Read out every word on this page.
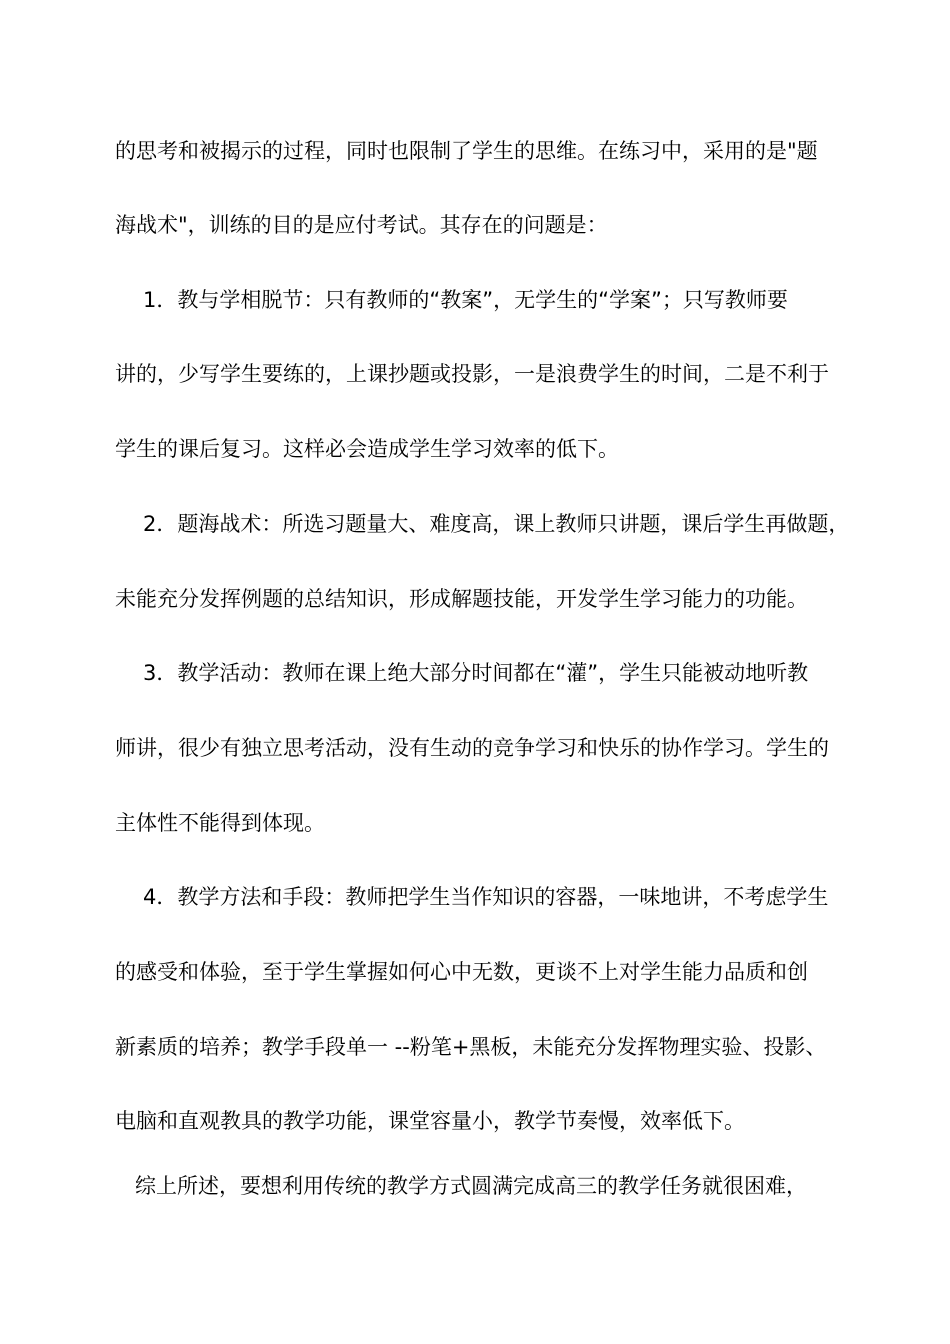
的思考和被揭示的过程，同时也限制了学生的思维。在练习中，采用的是"题
海战术"，训练的目的是应付考试。其存在的问题是：
1．教与学相脱节：只有教师的“教案”，无学生的“学案”；只写教师要
讲的，少写学生要练的，上课抄题或投影，一是浪费学生的时间，二是不利于
学生的课后复习。这样必会造成学生学习效率的低下。
2．题海战术：所选习题量大、难度高，课上教师只讲题，课后学生再做题，
未能充分发挥例题的总结知识，形成解题技能，开发学生学习能力的功能。
3．教学活动：教师在课上绝大部分时间都在“灌”，学生只能被动地听教
师讲，很少有独立思考活动，没有生动的竞争学习和快乐的协作学习。学生的
主体性不能得到体现。
4．教学方法和手段：教师把学生当作知识的容器，一味地讲，不考虑学生
的感受和体验，至于学生掌握如何心中无数，更谈不上对学生能力品质和创
新素质的培养；教学手段单一 --粉笔+黑板，未能充分发挥物理实验、投影、
电脑和直观教具的教学功能，课堂容量小，教学节奏慢，效率低下。
综上所述，要想利用传统的教学方式圆满完成高三的教学任务就很困难，
